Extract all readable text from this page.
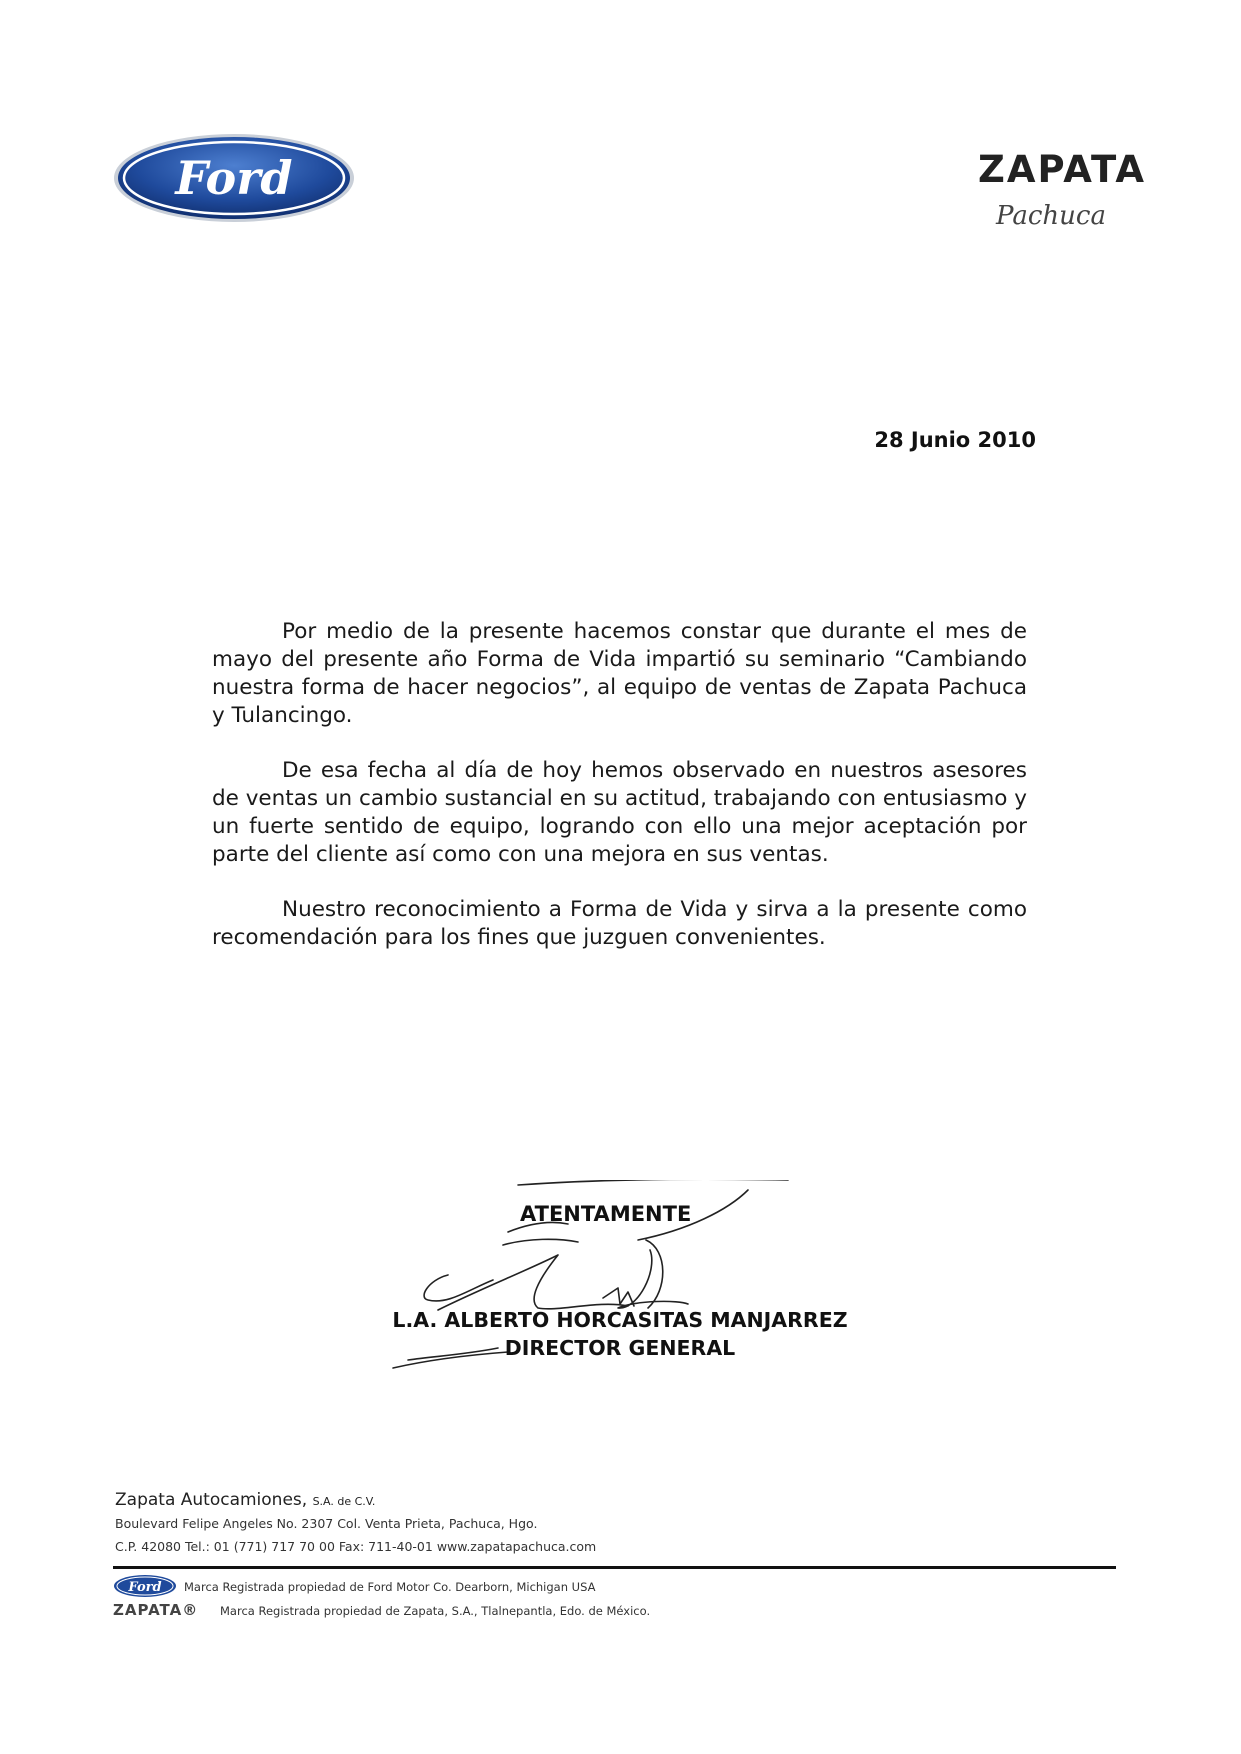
Ford	ZAPATA
Pachuca
28 Junio 2010

Por medio de la presente hacemos constar que durante el mes de mayo del presente año Forma de Vida impartió su seminario “Cambiando nuestra forma de hacer negocios”, al equipo de ventas de Zapata Pachuca y Tulancingo.

De esa fecha al día de hoy hemos observado en nuestros asesores de ventas un cambio sustancial en su actitud, trabajando con entusiasmo y un fuerte sentido de equipo, logrando con ello una mejor aceptación por parte del cliente así como con una mejora en sus ventas.

Nuestro reconocimiento a Forma de Vida y sirva a la presente como recomendación para los fines que juzguen convenientes.

ATENTAMENTE
L.A. ALBERTO HORCASITAS MANJARREZ
DIRECTOR GENERAL
Zapata Autocamiones, S.A. de C.V.
Boulevard Felipe Angeles No. 2307 Col. Venta Prieta, Pachuca, Hgo.
C.P. 42080 Tel.: 01 (771) 717 70 00 Fax: 711-40-01 www.zapatapachuca.com
Ford Marca Registrada propiedad de Ford Motor Co. Dearborn, Michigan USA
ZAPATA® Marca Registrada propiedad de Zapata, S.A., Tlalnepantla, Edo. de México.
